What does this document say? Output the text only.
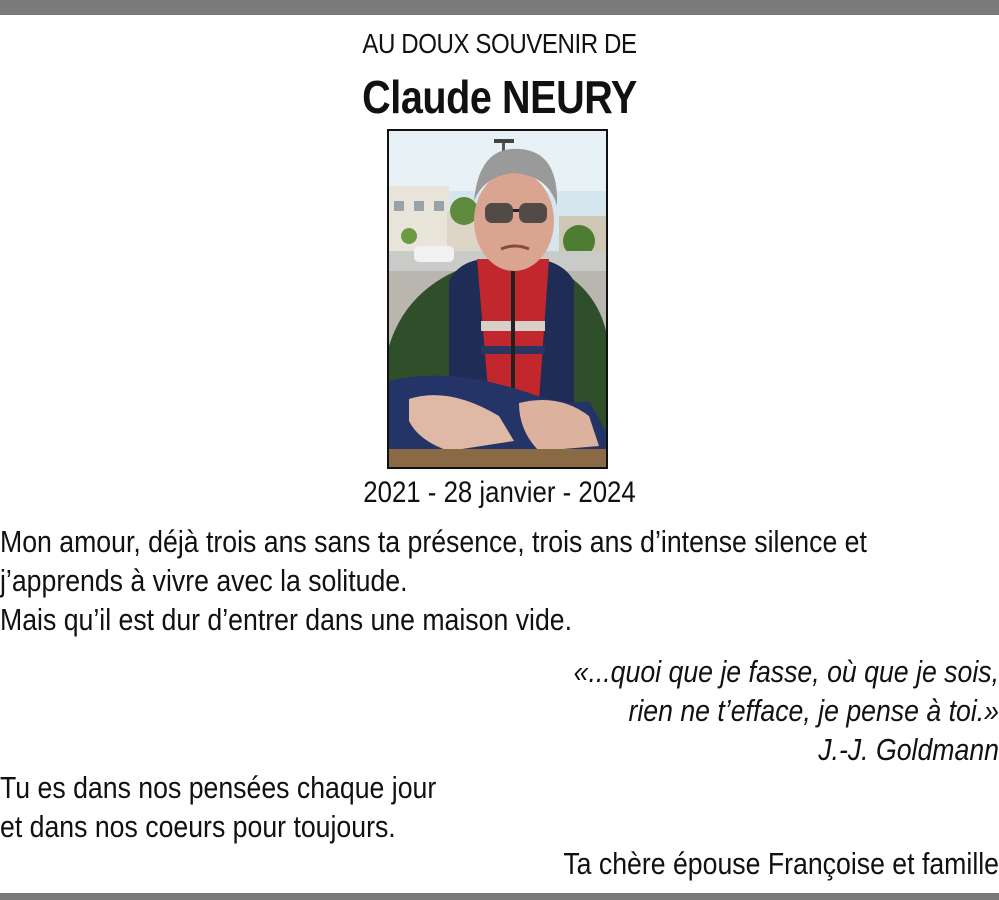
AU DOUX SOUVENIR DE
Claude NEURY
2021 - 28 janvier - 2024
Mon amour, déjà trois ans sans ta présence, trois ans d’intense silence et
j’apprends à vivre avec la solitude.
Mais qu’il est dur d’entrer dans une maison vide.
«...quoi que je fasse, où que je sois,
rien ne t’efface, je pense à toi.»
J.-J. Goldmann
Tu es dans nos pensées chaque jour
et dans nos coeurs pour toujours.
Ta chère épouse Françoise et famille
